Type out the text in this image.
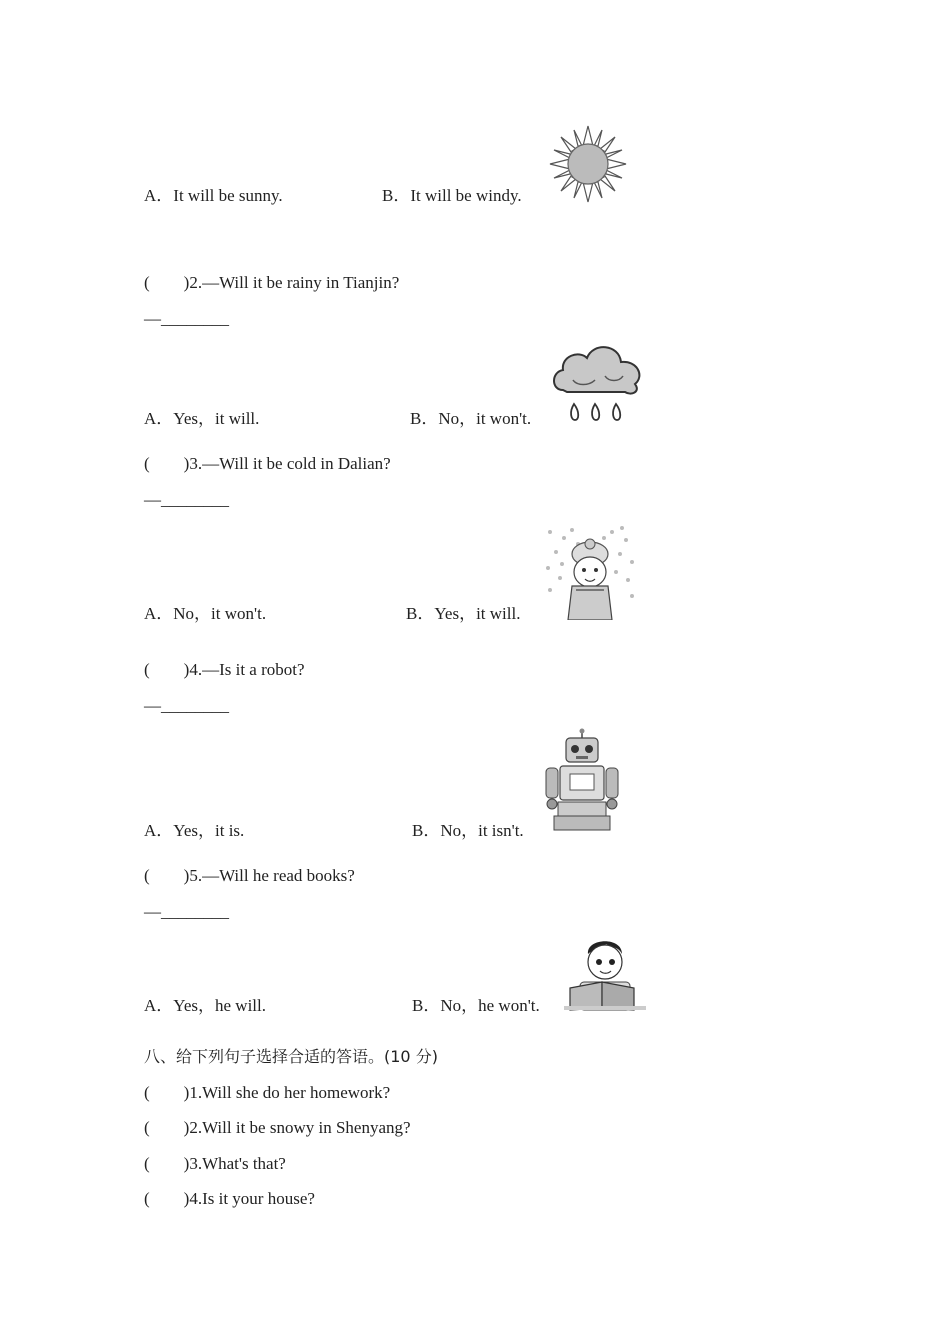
A．It will be sunny.	B．It will be windy.
(        )2.—Will it be rainy in Tianjin?
—________
A．Yes，it will.	B．No，it won't.
(        )3.—Will it be cold in Dalian?
—________
A．No，it won't.	B．Yes，it will.
(        )4.—Is it a robot?
—________
A．Yes，it is.	B．No，it isn't.
(        )5.—Will he read books?
—________
A．Yes，he will.	B．No，he won't.
八、给下列句子选择合适的答语。(10 分)
(        )1.Will she do her homework?
(        )2.Will it be snowy in Shenyang?
(        )3.What's that?
(        )4.Is it your house?
